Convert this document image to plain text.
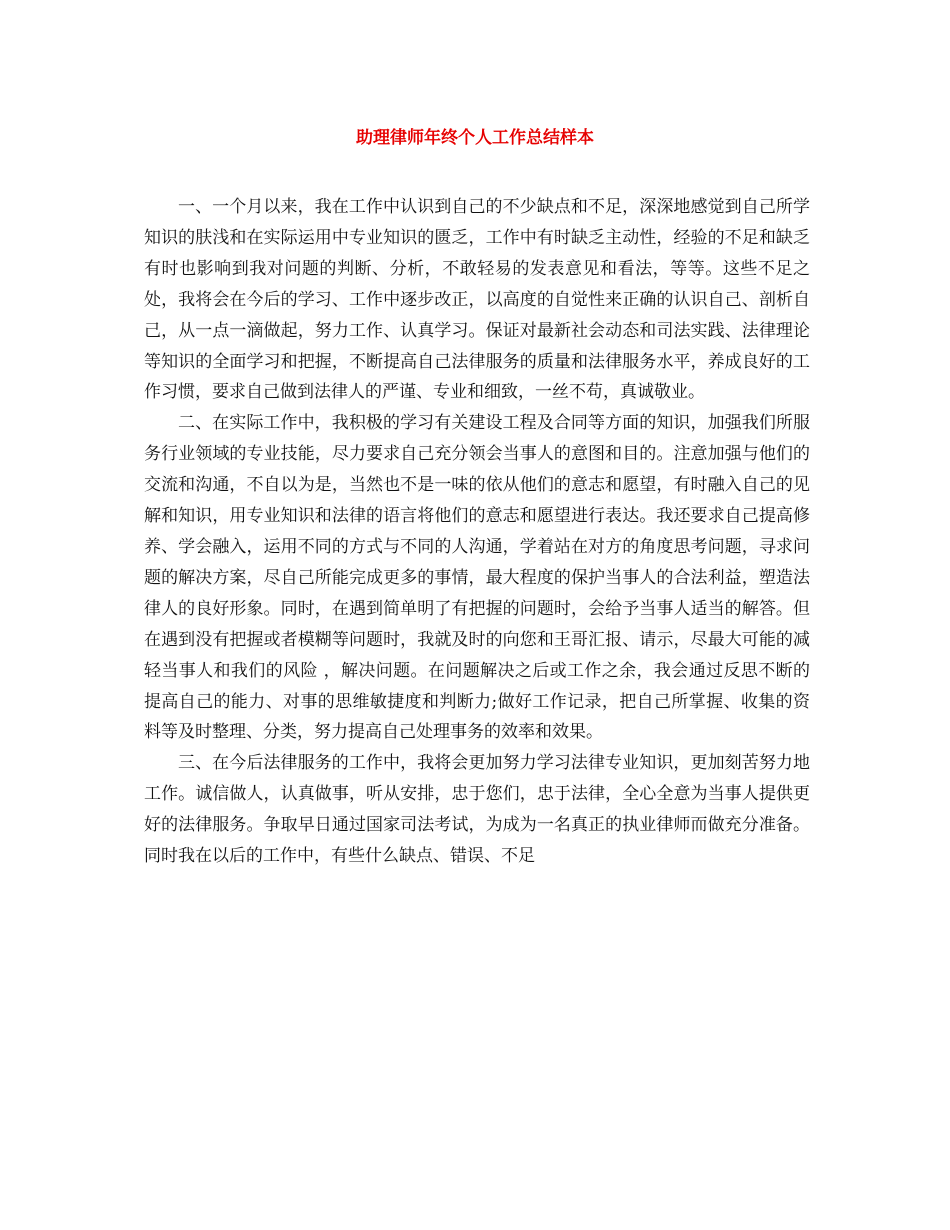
助理律师年终个人工作总结样本

一、一个月以来，我在工作中认识到自己的不少缺点和不足，深深地感觉到自己所学知识的肤浅和在实际运用中专业知识的匮乏，工作中有时缺乏主动性，经验的不足和缺乏有时也影响到我对问题的判断、分析，不敢轻易的发表意见和看法，等等。这些不足之处，我将会在今后的学习、工作中逐步改正，以高度的自觉性来正确的认识自己、剖析自己，从一点一滴做起，努力工作、认真学习。保证对最新社会动态和司法实践、法律理论等知识的全面学习和把握，不断提高自己法律服务的质量和法律服务水平，养成良好的工作习惯，要求自己做到法律人的严谨、专业和细致，一丝不苟，真诚敬业。

二、在实际工作中，我积极的学习有关建设工程及合同等方面的知识，加强我们所服务行业领域的专业技能，尽力要求自己充分领会当事人的意图和目的。注意加强与他们的交流和沟通，不自以为是，当然也不是一味的依从他们的意志和愿望，有时融入自己的见解和知识，用专业知识和法律的语言将他们的意志和愿望进行表达。我还要求自己提高修养、学会融入，运用不同的方式与不同的人沟通，学着站在对方的角度思考问题，寻求问题的解决方案，尽自己所能完成更多的事情，最大程度的保护当事人的合法利益，塑造法律人的良好形象。同时，在遇到简单明了有把握的问题时，会给予当事人适当的解答。但在遇到没有把握或者模糊等问题时，我就及时的向您和王哥汇报、请示，尽最大可能的减轻当事人和我们的风险 ，解决问题。在问题解决之后或工作之余，我会通过反思不断的提高自己的能力、对事的思维敏捷度和判断力;做好工作记录，把自己所掌握、收集的资料等及时整理、分类，努力提高自己处理事务的效率和效果。

三、在今后法律服务的工作中，我将会更加努力学习法律专业知识，更加刻苦努力地工作。诚信做人，认真做事，听从安排，忠于您们，忠于法律，全心全意为当事人提供更好的法律服务。争取早日通过国家司法考试，为成为一名真正的执业律师而做充分准备。同时我在以后的工作中，有些什么缺点、错误、不足
